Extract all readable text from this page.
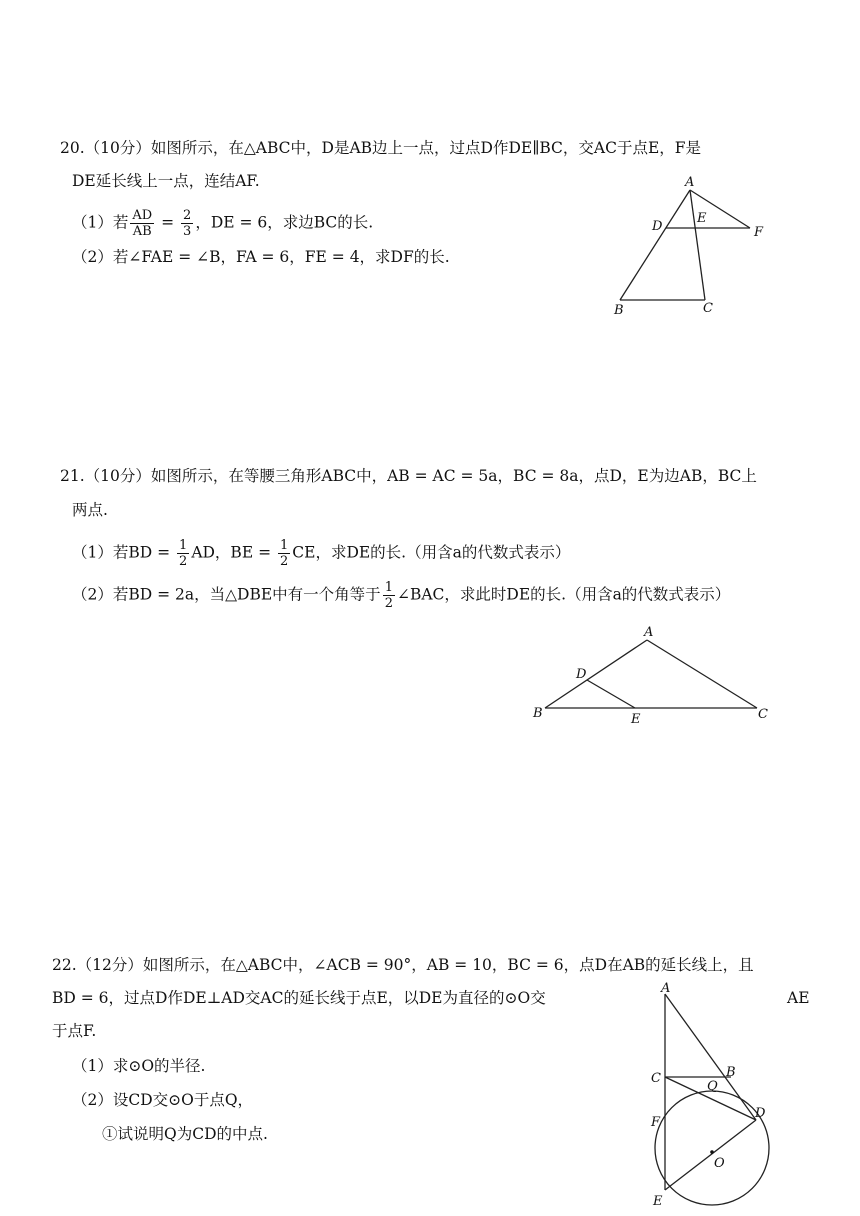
20.（10分）如图所示，在△ABC中，D是AB边上一点，过点D作DE∥BC，交AC于点E，F是
DE延长线上一点，连结AF.
（1）若 $\frac{AD}{AB} = \frac{2}{3}$ ，DE = 6，求边BC的长.
（2）若∠FAE = ∠B，FA = 6，FE = 4，求DF的长.
A
D
E
F
B	C
21.（10分）如图所示，在等腰三角形ABC中，AB = AC = 5a，BC = 8a，点D，E为边AB，BC上
两点.
（1）若BD = $\frac{1}{2}$ AD，BE = $\frac{1}{2}$ CE，求DE的长.（用含a的代数式表示）
（2）若BD = 2a，当△DBE中有一个角等于 $\frac{1}{2}$ ∠BAC，求此时DE的长.（用含a的代数式表示）
A
D
B	E	C
22.（12分）如图所示，在△ABC中，∠ACB = 90°，AB = 10，BC = 6，点D在AB的延长线上，且
BD = 6，过点D作DE⊥AD交AC的延长线于点E，以DE为直径的⊙O交	AE
于点F.
（1）求⊙O的半径.
（2）设CD交⊙O于点Q，
①试说明Q为CD的中点.
A
C	B
Q
F
D
O
E
